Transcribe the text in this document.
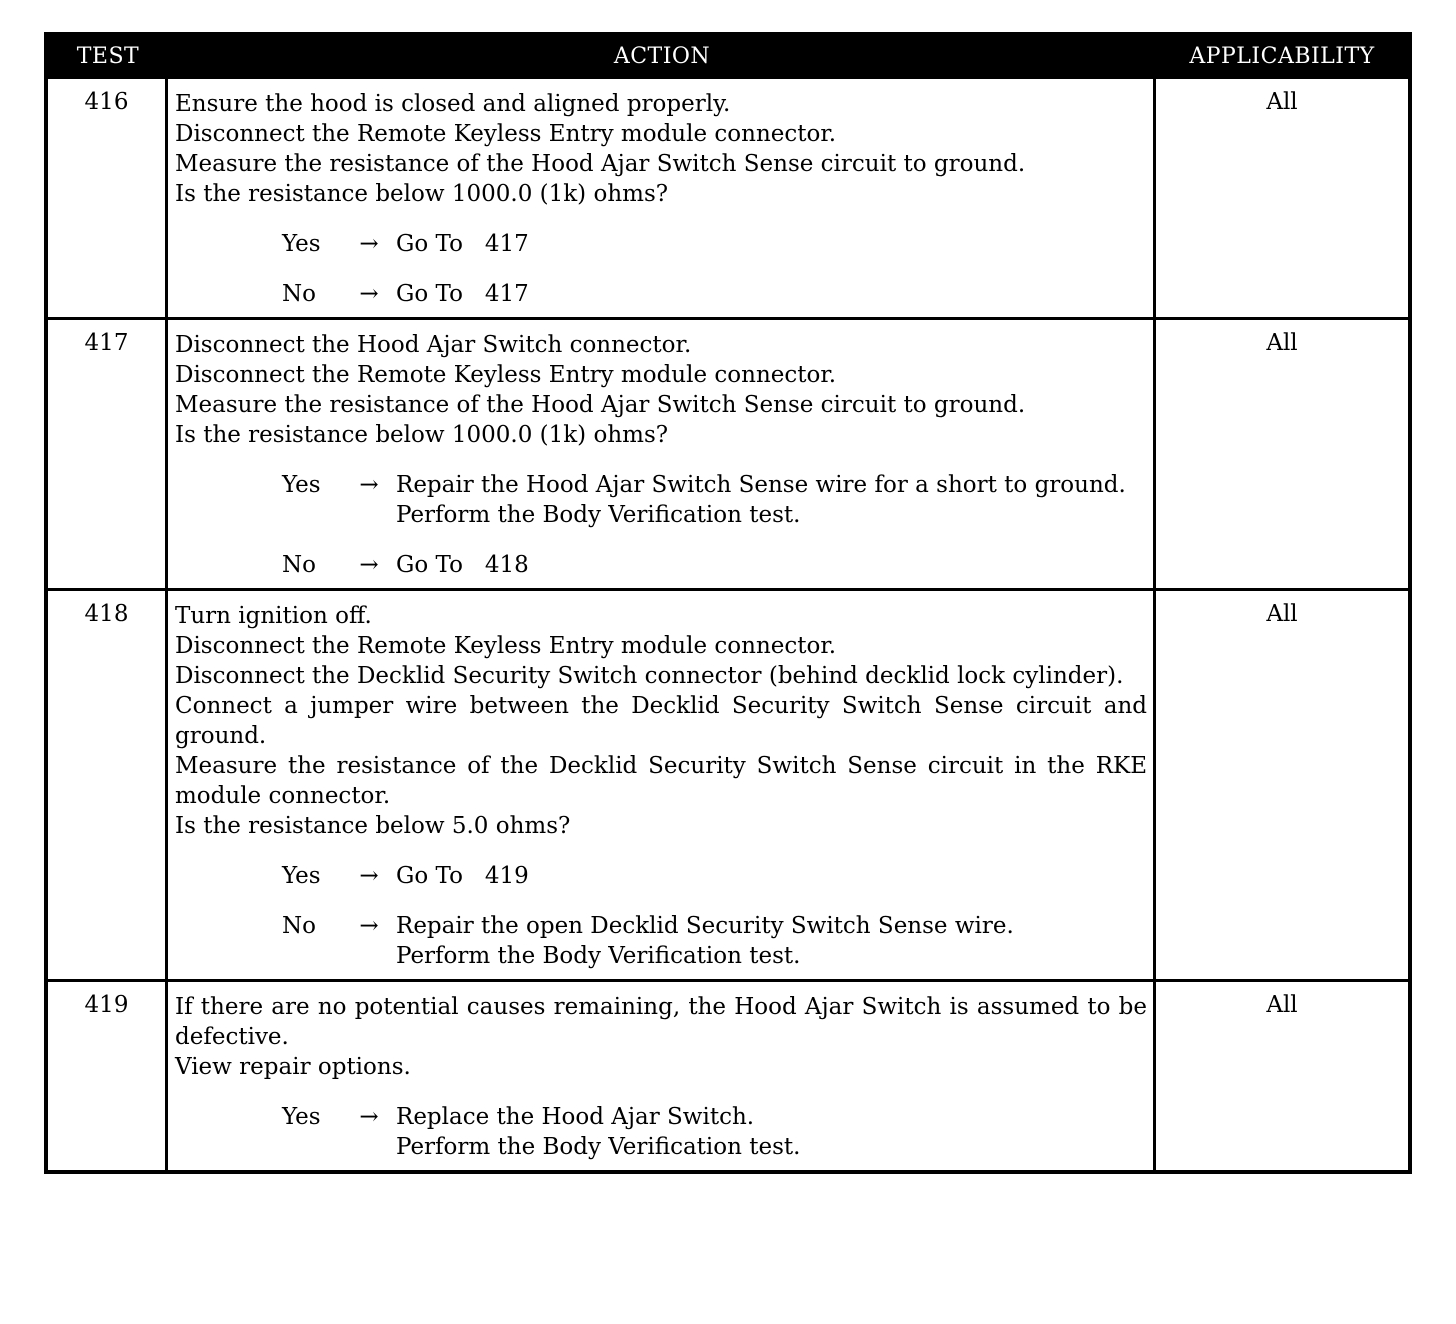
TEST	ACTION	APPLICABILITY
416	Ensure the hood is closed and aligned properly.
Disconnect the Remote Keyless Entry module connector.
Measure the resistance of the Hood Ajar Switch Sense circuit to ground.
Is the resistance below 1000.0 (1k) ohms?
Yes	→ Go To   417
No	→ Go To   417
All
417	Disconnect the Hood Ajar Switch connector.
Disconnect the Remote Keyless Entry module connector.
Measure the resistance of the Hood Ajar Switch Sense circuit to ground.
Is the resistance below 1000.0 (1k) ohms?
Yes	→ Repair the Hood Ajar Switch Sense wire for a short to ground.
Perform the Body Verification test.
No	→ Go To   418
All
418	Turn ignition off.
Disconnect the Remote Keyless Entry module connector.
Disconnect the Decklid Security Switch connector (behind decklid lock cylinder).
Connect a jumper wire between the Decklid Security Switch Sense circuit and ground.
Measure the resistance of the Decklid Security Switch Sense circuit in the RKE module connector.
Is the resistance below 5.0 ohms?
Yes	→ Go To   419
No	→ Repair the open Decklid Security Switch Sense wire.
Perform the Body Verification test.
All
419	If there are no potential causes remaining, the Hood Ajar Switch is assumed to be defective.
View repair options.
Yes	→ Replace the Hood Ajar Switch.
Perform the Body Verification test.
All
